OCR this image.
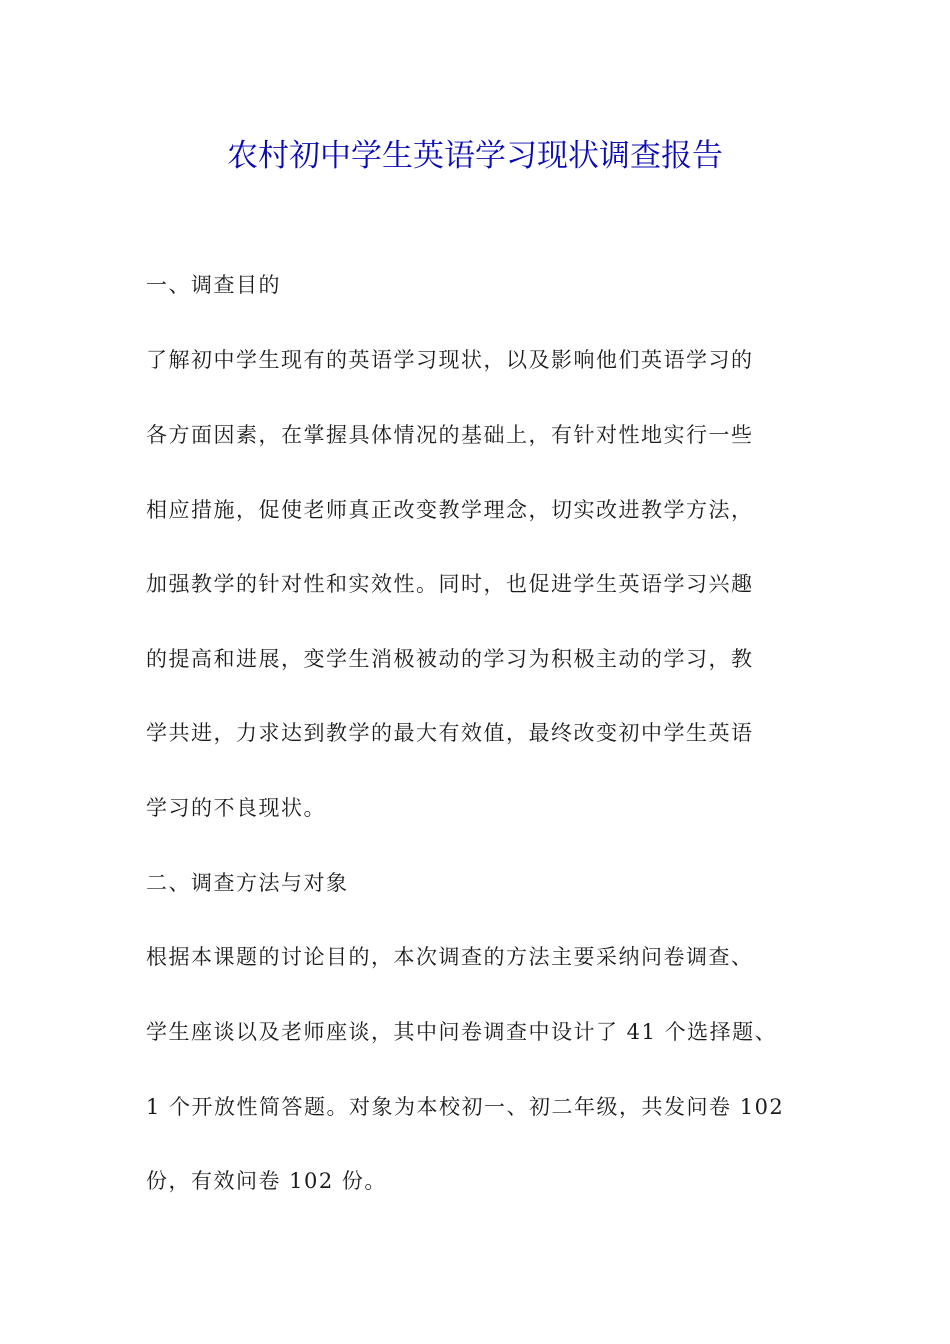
农村初中学生英语学习现状调查报告
一、调查目的
了解初中学生现有的英语学习现状，以及影响他们英语学习的
各方面因素，在掌握具体情况的基础上，有针对性地实行一些
相应措施，促使老师真正改变教学理念，切实改进教学方法，
加强教学的针对性和实效性。同时，也促进学生英语学习兴趣
的提高和进展，变学生消极被动的学习为积极主动的学习，教
学共进，力求达到教学的最大有效值，最终改变初中学生英语
学习的不良现状。
二、调查方法与对象
根据本课题的讨论目的，本次调查的方法主要采纳问卷调查、
学生座谈以及老师座谈，其中问卷调查中设计了 41 个选择题、
1 个开放性简答题。对象为本校初一、初二年级，共发问卷 102
份，有效问卷 102 份。
